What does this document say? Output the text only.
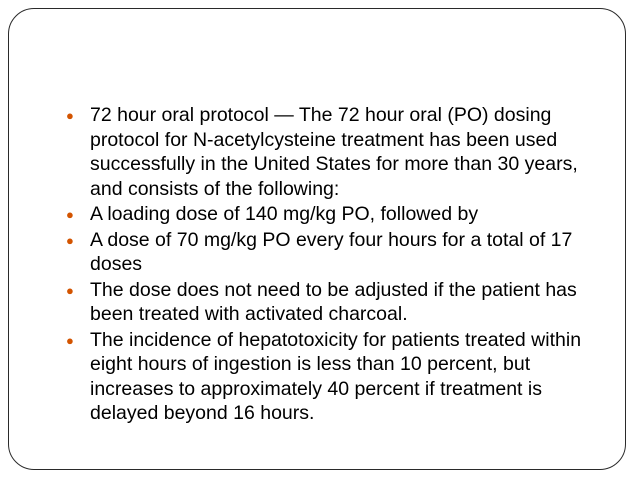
● 72 hour oral protocol — The 72 hour oral (PO) dosing protocol for N-acetylcysteine treatment has been used successfully in the United States for more than 30 years, and consists of the following:
● A loading dose of 140 mg/kg PO, followed by
● A dose of 70 mg/kg PO every four hours for a total of 17 doses
● The dose does not need to be adjusted if the patient has been treated with activated charcoal.
● The incidence of hepatotoxicity for patients treated within eight hours of ingestion is less than 10 percent, but increases to approximately 40 percent if treatment is delayed beyond 16 hours.
